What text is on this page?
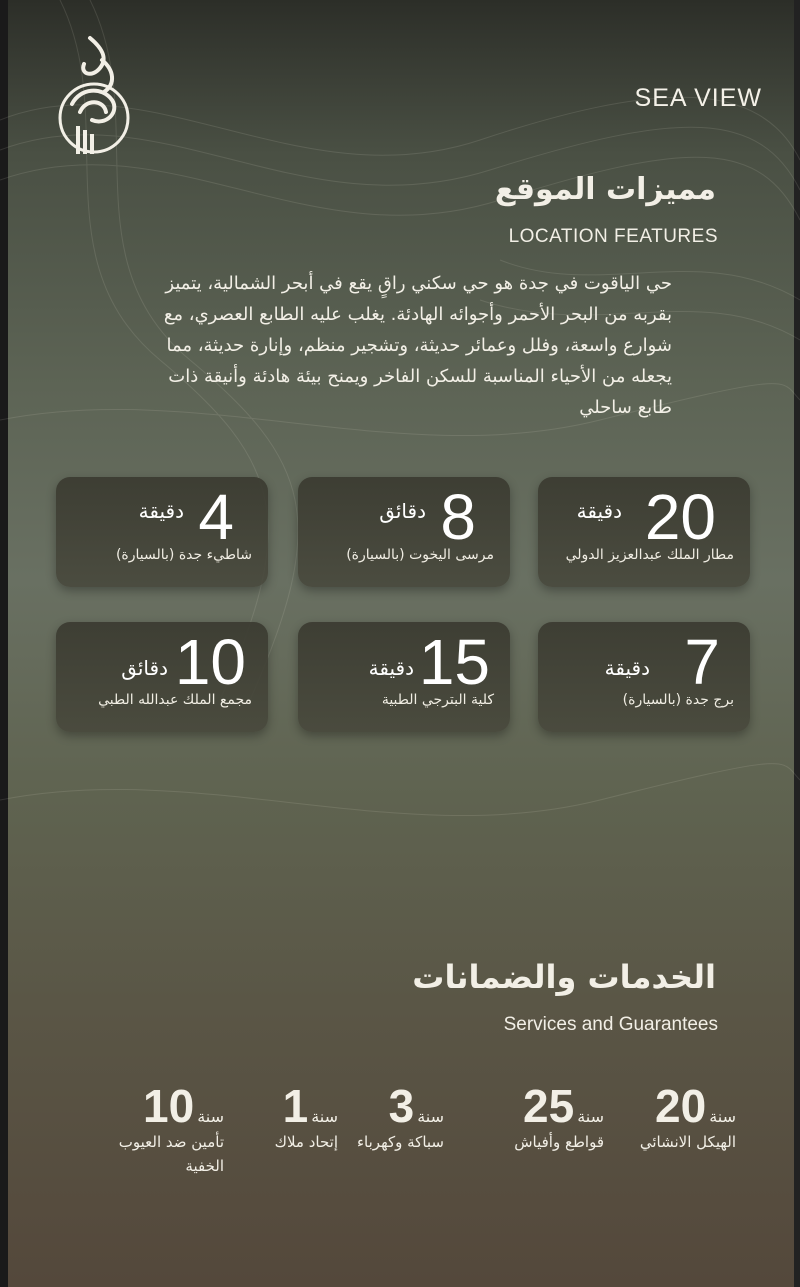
SEA VIEW
مميزات الموقع
LOCATION FEATURES
حي الياقوت في جدة هو حي سكني راقٍ يقع في أبحر الشمالية، يتميز بقربه من البحر الأحمر وأجوائه الهادئة. يغلب عليه الطابع العصري، مع شوارع واسعة، وفلل وعمائر حديثة، وتشجير منظم، وإنارة حديثة، مما يجعله من الأحياء المناسبة للسكن الفاخر ويمنح بيئة هادئة وأنيقة ذات طابع ساحلي
20
دقيقة
مطار الملك عبدالعزيز الدولي
8
دقائق
مرسى اليخوت (بالسيارة)
4
دقيقة
شاطيء جدة (بالسيارة)
7
دقيقة
برج جدة (بالسيارة)
15
دقيقة
كلية البترجي الطبية
10
دقائق
مجمع الملك عبدالله الطبي
الخدمات والضمانات
Services and Guarantees
سنة20
الهيكل الانشائي
سنة25
قواطع وأفياش
سنة3
سباكة وكهرباء
سنة1
إتحاد ملاك
سنة10
تأمين ضد العيوب الخفية
